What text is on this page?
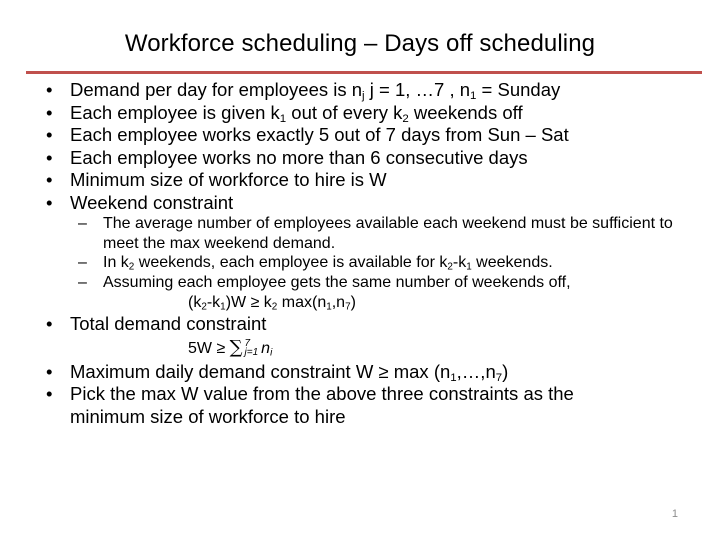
Workforce scheduling – Days off scheduling
• Demand per day for employees is $n_j$ j = 1, …7 , $n_1$ = Sunday
• Each employee is given $k_1$ out of every $k_2$ weekends off
• Each employee works exactly 5 out of 7 days from Sun – Sat
• Each employee works no more than 6 consecutive days
• Minimum size of workforce to hire is W
• Weekend constraint
– The average number of employees available each weekend must be sufficient to meet the max weekend demand.
– In $k_2$ weekends, each employee is available for $k_2-k_1$ weekends.
– Assuming each employee gets the same number of weekends off,
$(k_2-k_1)W \ge k_2$ $\max(n_1,n_7)$
• Total demand constraint
5W ≥ ∑ 7
j=1 $n_i$
• Maximum daily demand constraint $W \ge \max (n_1,\dots,n_7)$
• Pick the max W value from the above three constraints as the minimum size of workforce to hire
1
